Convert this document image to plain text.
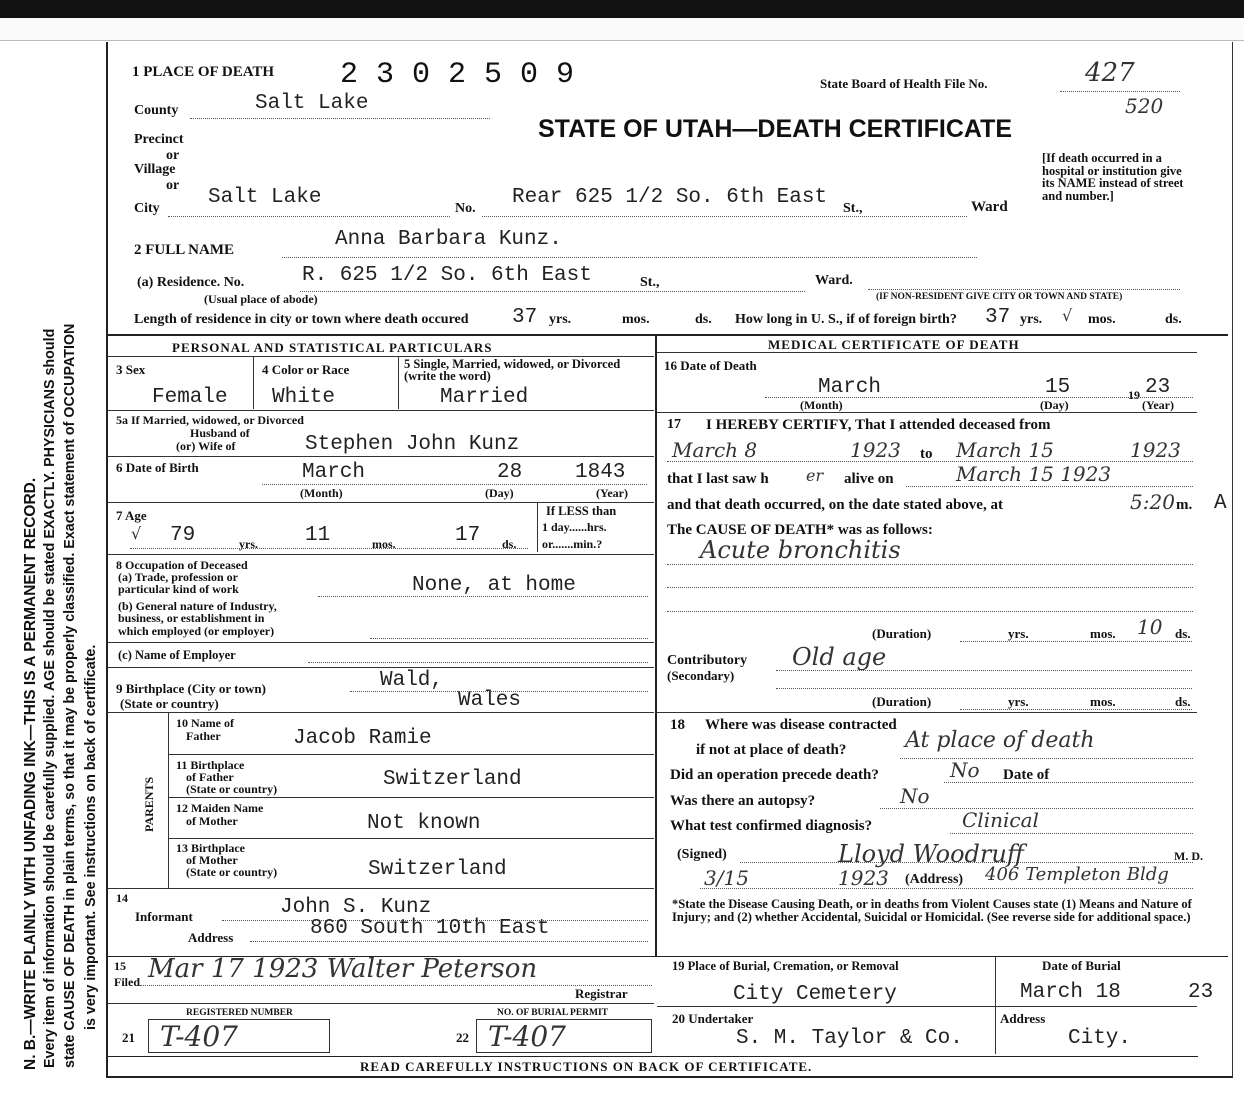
N. B.—WRITE PLAINLY WITH UNFADING INK—THIS IS A PERMANENT RECORD. Every item of information should be carefully supplied. AGE should be stated EXACTLY. PHYSICIANS should state CAUSE OF DEATH in plain terms, so that it may be properly classified. Exact statement of OCCUPATION is very important. See instructions on back of certificate.
1 PLACE OF DEATH 2 3 0 2 5 0 9	State Board of Health File No.	427
520
STATE OF UTAH—DEATH CERTIFICATE
[If death occurred in a hospital or institution give its NAME instead of street and number.]
County	Salt Lake
Precinct
or
Village
or
City Salt Lake	No. Rear 625 1/2 So. 6th East St.,	Ward
2 FULL NAME	Anna Barbara Kunz.
(a) Residence. No.	R. 625 1/2 So. 6th East	St.,	Ward.
(Usual place of abode)	(IF NON-RESIDENT GIVE CITY OR TOWN AND STATE)
Length of residence in city or town where death occured 37 yrs.	mos.	ds. How long in U. S., if of foreign birth? 37 yrs. √ mos.	ds.
PERSONAL AND STATISTICAL PARTICULARS	MEDICAL CERTIFICATE OF DEATH
3 Sex
Female
4 Color or Race
White
5 Single, Married, widowed, or Divorced (write the word)
Married
5a If Married, widowed, or Divorced
Husband of
(or) Wife of	Stephen John Kunz
6 Date of Birth	March	28	1843
(Month)	(Day)	(Year)
7 Age
√ 79	yrs. 11	mos.	17 ds.
If LESS than
1 day......hrs.
or.......min.?
8 Occupation of Deceased
(a) Trade, profession or
particular kind of work	None, at home
(b) General nature of Industry,
business, or establishment in
which employed (or employer)
(c) Name of Employer
9 Birthplace (City or town)	Wald,
(State or country)	Wales
PARENTS
10 Name of
Father	Jacob Ramie
11 Birthplace
of Father
(State or country)	Switzerland
12 Maiden Name
of Mother	Not known
13 Birthplace
of Mother
(State or country)	Switzerland
14
Informant	John S. Kunz
Address	860 South 10th East
15
Filed Mar 17 1923 Walter Peterson
Registrar
REGISTERED NUMBER
21 T-407
NO. OF BURIAL PERMIT
22 T-407
16 Date of Death
March	15	19 23
(Month)	(Day)	(Year)
17 I HEREBY CERTIFY, That I attended deceased from
March 8	1923 to March 15	1923
that I last saw h er alive on	March 15 1923
and that death occurred, on the date stated above, at	5:20 m. A
The CAUSE OF DEATH* was as follows:
Acute bronchitis
(Duration)	yrs.	mos. 10 ds.
Contributory
(Secondary)
Old age
(Duration)	yrs.	mos.	ds.
18 Where was disease contracted
if not at place of death?	At place of death
Did an operation precede death?	No Date of
Was there an autopsy?	No
What test confirmed diagnosis?	Clinical
(Signed)	Lloyd Woodruff	M. D.
3/15	1923 (Address) 406 Templeton Bldg
*State the Disease Causing Death, or in deaths from Violent Causes state (1) Means and Nature of Injury; and (2) whether Accidental, Suicidal or Homicidal. (See reverse side for additional space.)
19 Place of Burial, Cremation, or Removal
City Cemetery
Date of Burial
March 18	23
20 Undertaker
S. M. Taylor & Co.
Address
City.
READ CAREFULLY INSTRUCTIONS ON BACK OF CERTIFICATE.
